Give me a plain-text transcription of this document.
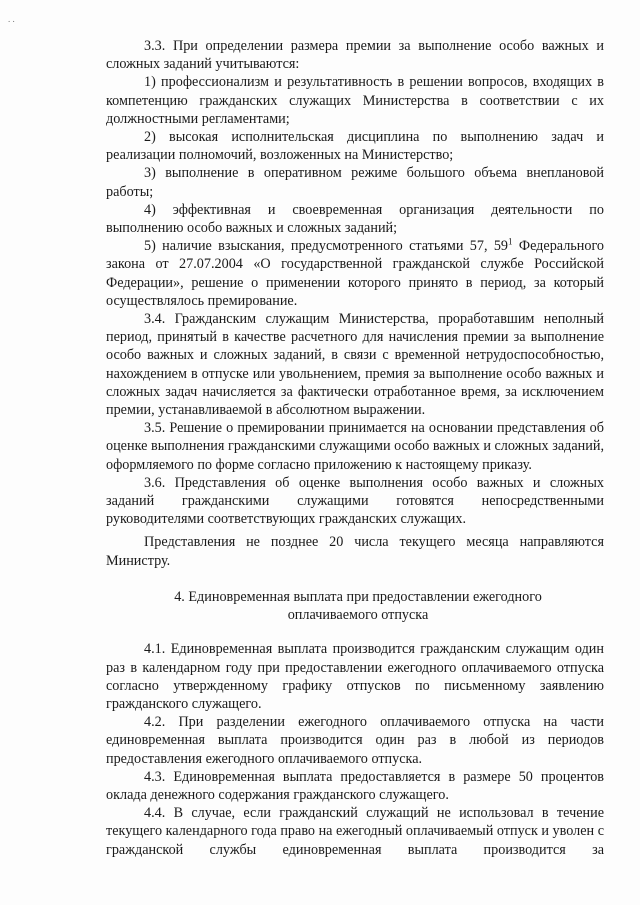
. .

3.3. При определении размера премии за выполнение особо важных и сложных заданий учитываются:

1) профессионализм и результативность в решении вопросов, входящих в компетенцию гражданских служащих Министерства в соответствии с их должностными регламентами;

2) высокая исполнительская дисциплина по выполнению задач и реализации полномочий, возложенных на Министерство;

3) выполнение в оперативном режиме большого объема внеплановой работы;

4) эффективная и своевременная организация деятельности по выполнению особо важных и сложных заданий;

5) наличие взыскания, предусмотренного статьями 57, $59^1$ Федерального закона от 27.07.2004 «О государственной гражданской службе Российской Федерации», решение о применении которого принято в период, за который осуществлялось премирование.

3.4. Гражданским служащим Министерства, проработавшим неполный период, принятый в качестве расчетного для начисления премии за выполнение особо важных и сложных заданий, в связи с временной нетрудоспособностью, нахождением в отпуске или увольнением, премия за выполнение особо важных и сложных задач начисляется за фактически отработанное время, за исключением премии, устанавливаемой в абсолютном выражении.

3.5. Решение о премировании принимается на основании представления об оценке выполнения гражданскими служащими особо важных и сложных заданий, оформляемого по форме согласно приложению к настоящему приказу.

3.6. Представления об оценке выполнения особо важных и сложных заданий гражданскими служащими готовятся непосредственными руководителями соответствующих гражданских служащих.

Представления не позднее 20 числа текущего месяца направляются Министру.

4. Единовременная выплата при предоставлении ежегодного
оплачиваемого отпуска

4.1. Единовременная выплата производится гражданским служащим один раз в календарном году при предоставлении ежегодного оплачиваемого отпуска согласно утвержденному графику отпусков по письменному заявлению гражданского служащего.

4.2. При разделении ежегодного оплачиваемого отпуска на части единовременная выплата производится один раз в любой из периодов предоставления ежегодного оплачиваемого отпуска.

4.3. Единовременная выплата предоставляется в размере 50 процентов оклада денежного содержания гражданского служащего.

4.4. В случае, если гражданский служащий не использовал в течение текущего календарного года право на ежегодный оплачиваемый отпуск и уволен с гражданской службы единовременная выплата производится за
